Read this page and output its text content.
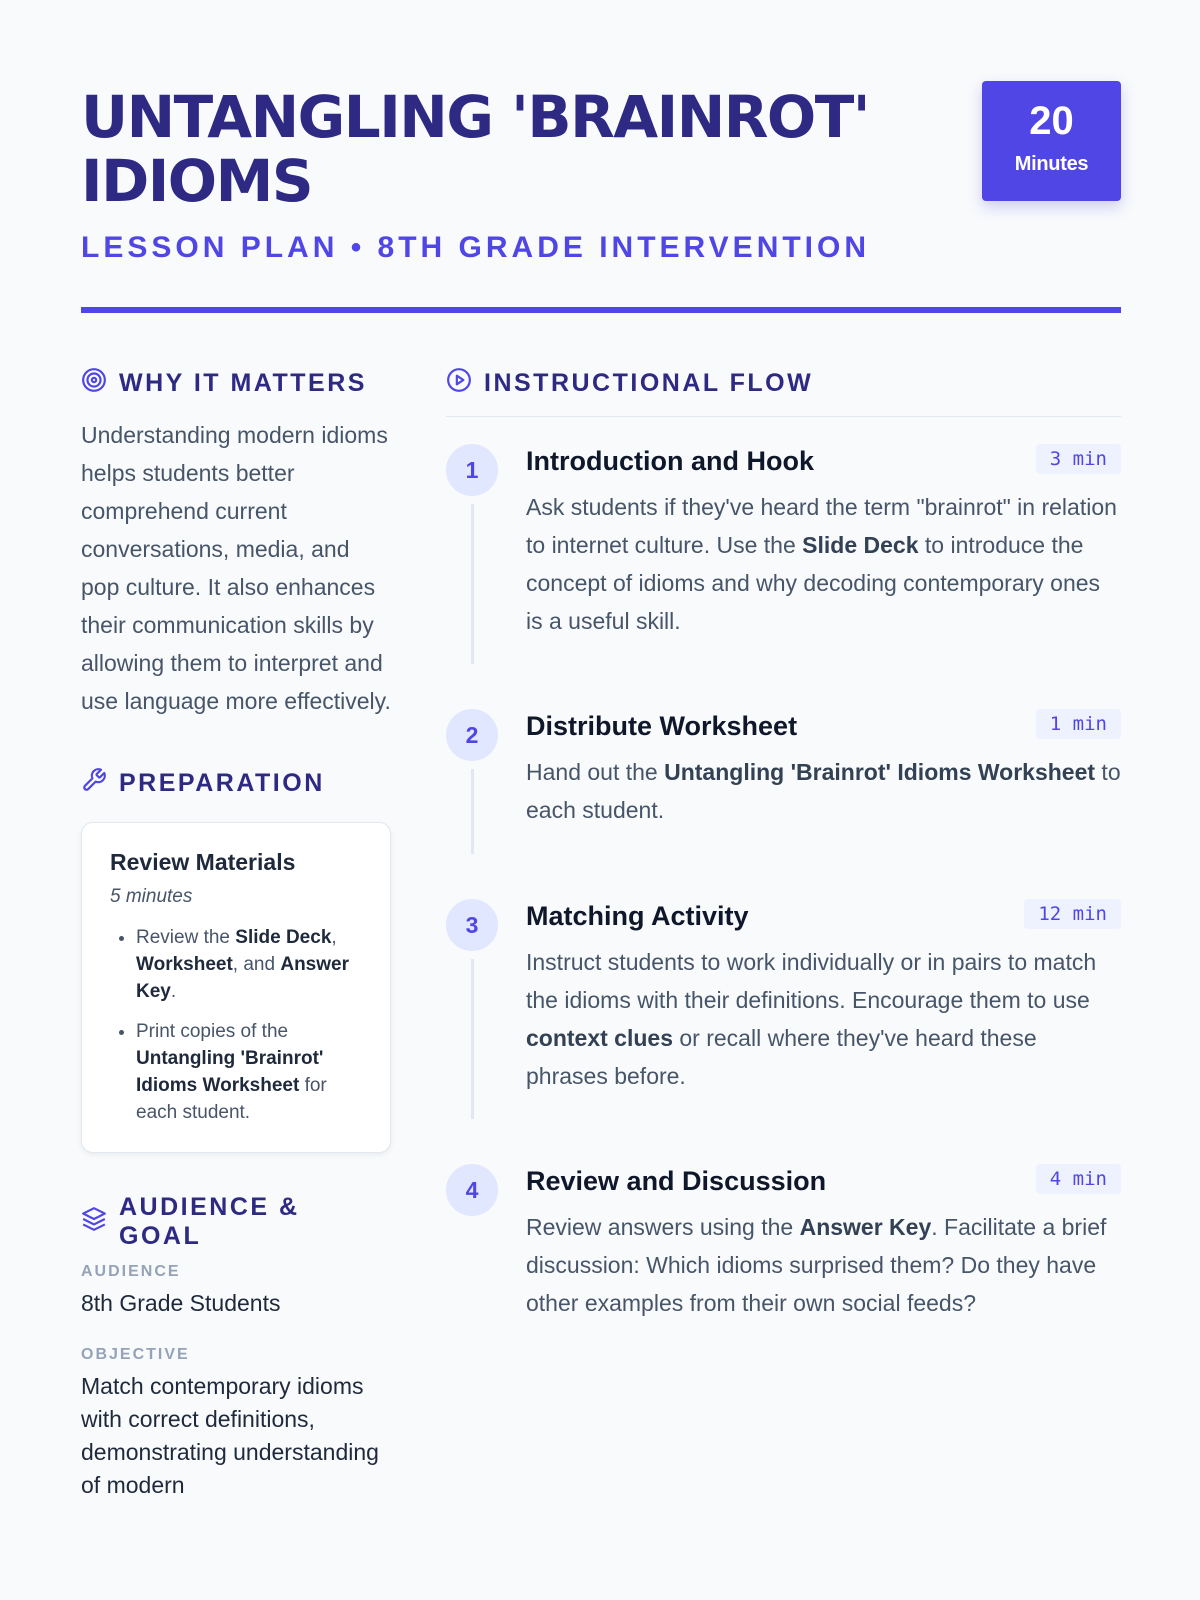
UNTANGLING 'BRAINROT' IDIOMS
LESSON PLAN • 8TH GRADE INTERVENTION
20
Minutes
WHY IT MATTERS

Understanding modern idioms helps students better comprehend current conversations, media, and pop culture. It also enhances their communication skills by allowing them to interpret and use language more effectively.

PREPARATION
Review Materials
5 minutes
• Review the Slide Deck, Worksheet, and Answer Key.
• Print copies of the Untangling 'Brainrot' Idioms Worksheet for each student.
AUDIENCE & GOAL
AUDIENCE
8th Grade Students
OBJECTIVE
Match contemporary idioms with correct definitions, demonstrating understanding of modern
INSTRUCTIONAL FLOW
1	3 min
Introduction and Hook

Ask students if they've heard the term "brainrot" in relation to internet culture. Use the Slide Deck to introduce the concept of idioms and why decoding contemporary ones is a useful skill.

2	1 min
Distribute Worksheet

Hand out the Untangling 'Brainrot' Idioms Worksheet to each student.

3	12 min
Matching Activity

Instruct students to work individually or in pairs to match the idioms with their definitions. Encourage them to use context clues or recall where they've heard these phrases before.

4	4 min
Review and Discussion

Review answers using the Answer Key. Facilitate a brief discussion: Which idioms surprised them? Do they have other examples from their own social feeds?
